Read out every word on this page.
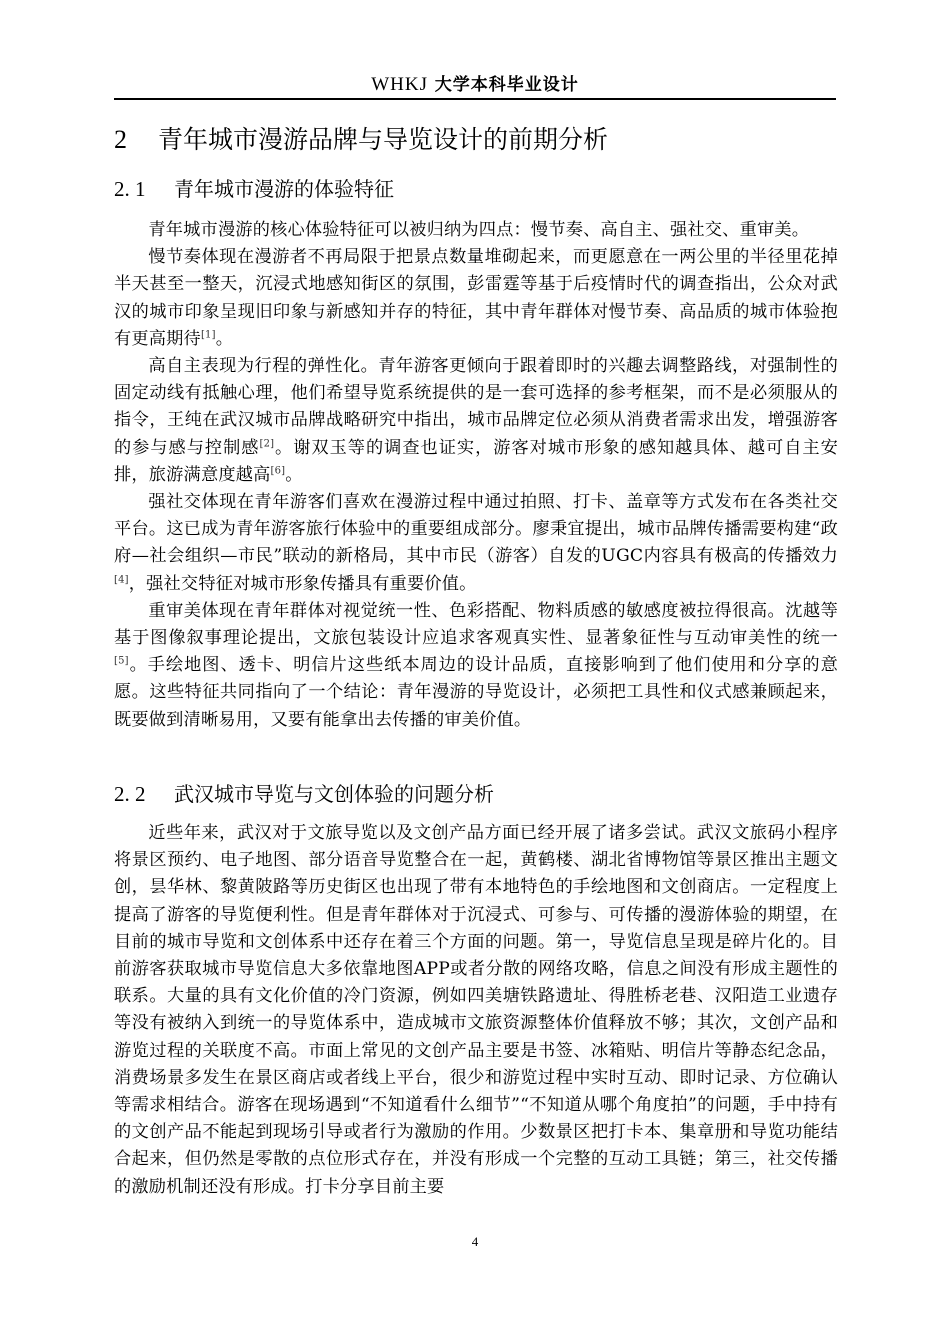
WHKJ 大学本科毕业设计
2 青年城市漫游品牌与导览设计的前期分析
2. 1 青年城市漫游的体验特征

青年城市漫游的核心体验特征可以被归纳为四点：慢节奏、高自主、强社交、重审美。

慢节奏体现在漫游者不再局限于把景点数量堆砌起来，而更愿意在一两公里的半径里花掉半天甚至一整天，沉浸式地感知街区的氛围，彭雷霆等基于后疫情时代的调查指出，公众对武汉的城市印象呈现旧印象与新感知并存的特征，其中青年群体对慢节奏、高品质的城市体验抱有更高期待[1]。

高自主表现为行程的弹性化。青年游客更倾向于跟着即时的兴趣去调整路线，对强制性的固定动线有抵触心理，他们希望导览系统提供的是一套可选择的参考框架，而不是必须服从的指令，王纯在武汉城市品牌战略研究中指出，城市品牌定位必须从消费者需求出发，增强游客的参与感与控制感[2]。谢双玉等的调查也证实，游客对城市形象的感知越具体、越可自主安排，旅游满意度越高[6]。

强社交体现在青年游客们喜欢在漫游过程中通过拍照、打卡、盖章等方式发布在各类社交平台。这已成为青年游客旅行体验中的重要组成部分。廖秉宜提出，城市品牌传播需要构建“政府—社会组织—市民”联动的新格局，其中市民（游客）自发的UGC内容具有极高的传播效力[4]，强社交特征对城市形象传播具有重要价值。

重审美体现在青年群体对视觉统一性、色彩搭配、物料质感的敏感度被拉得很高。沈越等基于图像叙事理论提出，文旅包装设计应追求客观真实性、显著象征性与互动审美性的统一[5]。手绘地图、透卡、明信片这些纸本周边的设计品质，直接影响到了他们使用和分享的意愿。这些特征共同指向了一个结论：青年漫游的导览设计，必须把工具性和仪式感兼顾起来，既要做到清晰易用，又要有能拿出去传播的审美价值。

2. 2 武汉城市导览与文创体验的问题分析

近些年来，武汉对于文旅导览以及文创产品方面已经开展了诸多尝试。武汉文旅码小程序将景区预约、电子地图、部分语音导览整合在一起，黄鹤楼、湖北省博物馆等景区推出主题文创，昙华林、黎黄陂路等历史街区也出现了带有本地特色的手绘地图和文创商店。一定程度上提高了游客的导览便利性。但是青年群体对于沉浸式、可参与、可传播的漫游体验的期望，在目前的城市导览和文创体系中还存在着三个方面的问题。第一，导览信息呈现是碎片化的。目前游客获取城市导览信息大多依靠地图APP或者分散的网络攻略，信息之间没有形成主题性的联系。大量的具有文化价值的冷门资源，例如四美塘铁路遗址、得胜桥老巷、汉阳造工业遗存等没有被纳入到统一的导览体系中，造成城市文旅资源整体价值释放不够；其次，文创产品和游览过程的关联度不高。市面上常见的文创产品主要是书签、冰箱贴、明信片等静态纪念品，消费场景多发生在景区商店或者线上平台，很少和游览过程中实时互动、即时记录、方位确认等需求相结合。游客在现场遇到“不知道看什么细节”“不知道从哪个角度拍”的问题，手中持有的文创产品不能起到现场引导或者行为激励的作用。少数景区把打卡本、集章册和导览功能结合起来，但仍然是零散的点位形式存在，并没有形成一个完整的互动工具链；第三，社交传播的激励机制还没有形成。打卡分享目前主要

4
